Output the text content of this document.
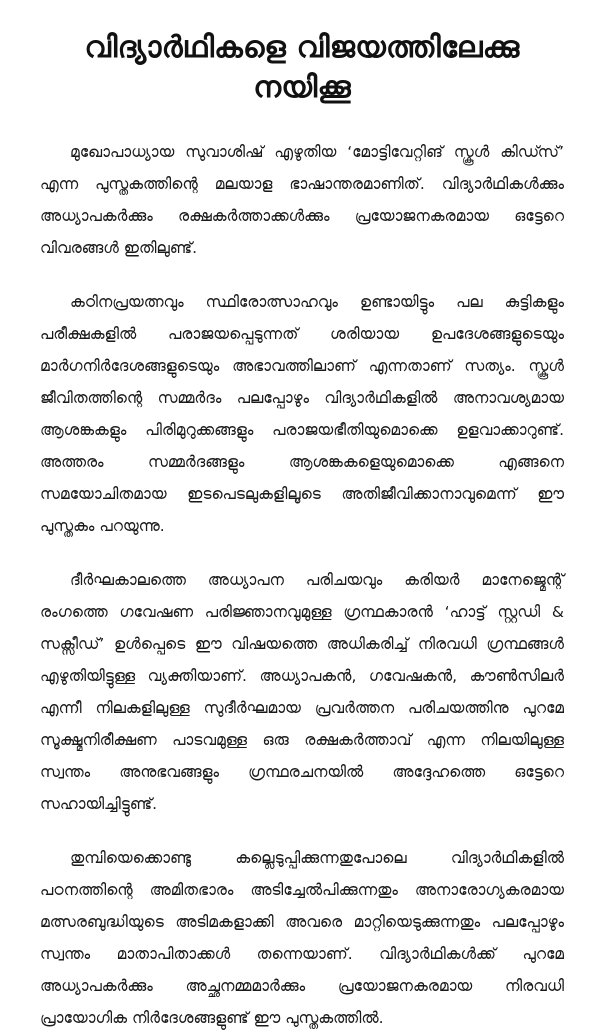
വിദ്യാർഥികളെ വിജയത്തിലേക്കു നയിക്കൂ

മുഖോപാധ്യായ സുവാശിഷ് എഴുതിയ ‘മോട്ടിവേറ്റിങ് സ്കൂൾ കിഡ്സ്’ എന്ന പുസ്തകത്തിന്റെ മലയാള ഭാഷാന്തരമാണിത്. വിദ്യാർഥികൾക്കും അധ്യാപകർക്കും രക്ഷകർത്താക്കൾക്കും പ്രയോജനകരമായ ഒട്ടേറെ വിവരങ്ങൾ ഇതിലുണ്ട്.

കഠിനപ്രയത്നവും സ്ഥിരോത്സാഹവും ഉണ്ടായിട്ടും പല കുട്ടികളും പരീക്ഷകളിൽ പരാജയപ്പെടുന്നത് ശരിയായ ഉപദേശങ്ങളുടെയും മാർഗനിർദേശങ്ങളുടെയും അഭാവത്തിലാണ് എന്നതാണ് സത്യം. സ്കൂൾ ജീവിതത്തിന്റെ സമ്മർദം പലപ്പോഴും വിദ്യാർഥികളിൽ അനാവശ്യമായ ആശങ്കകളും പിരിമുറുക്കങ്ങളും പരാജയഭീതിയുമൊക്കെ ഉളവാക്കാറുണ്ട്. അത്തരം സമ്മർദങ്ങളും ആശങ്കകളെയുമൊക്കെ എങ്ങനെ സമയോചിതമായ ഇടപെടലുകളിലൂടെ അതിജീവിക്കാനാവുമെന്ന് ഈ പുസ്തകം പറയുന്നു.

ദീർഘകാലത്തെ അധ്യാപന പരിചയവും കരിയർ മാനേജ്മെന്റ് രംഗത്തെ ഗവേഷണ പരിജ്ഞാനവുമുള്ള ഗ്രന്ഥകാരൻ ‘ഹാട്ട് സ്റ്റഡി & സക്സീഡ്’ ഉൾപ്പെടെ ഈ വിഷയത്തെ അധികരിച്ച് നിരവധി ഗ്രന്ഥങ്ങൾ എഴുതിയിട്ടുള്ള വ്യക്തിയാണ്. അധ്യാപകൻ, ഗവേഷകൻ, കൗൺസിലർ എന്നീ നിലകളിലുള്ള സുദീർഘമായ പ്രവർത്തന പരിചയത്തിനു പുറമേ സൂക്ഷ്മനിരീക്ഷണ പാടവമുള്ള ഒരു രക്ഷകർത്താവ് എന്ന നിലയിലുള്ള സ്വന്തം അനുഭവങ്ങളും ഗ്രന്ഥരചനയിൽ അദ്ദേഹത്തെ ഒട്ടേറെ സഹായിച്ചിട്ടുണ്ട്.

തുമ്പിയെക്കൊണ്ടു കല്ലെടുപ്പിക്കുന്നതുപോലെ വിദ്യാർഥികളിൽ പഠനത്തിന്റെ അമിതഭാരം അടിച്ചേൽപിക്കുന്നതും അനാരോഗ്യകരമായ മത്സരബുദ്ധിയുടെ അടിമകളാക്കി അവരെ മാറ്റിയെടുക്കുന്നതും പലപ്പോഴും സ്വന്തം മാതാപിതാക്കൾ തന്നെയാണ്. വിദ്യാർഥികൾക്ക് പുറമേ അധ്യാപകർക്കും അച്ഛനമ്മമാർക്കും പ്രയോജനകരമായ നിരവധി പ്രായോഗിക നിർദേശങ്ങളുണ്ട് ഈ പുസ്തകത്തിൽ.
